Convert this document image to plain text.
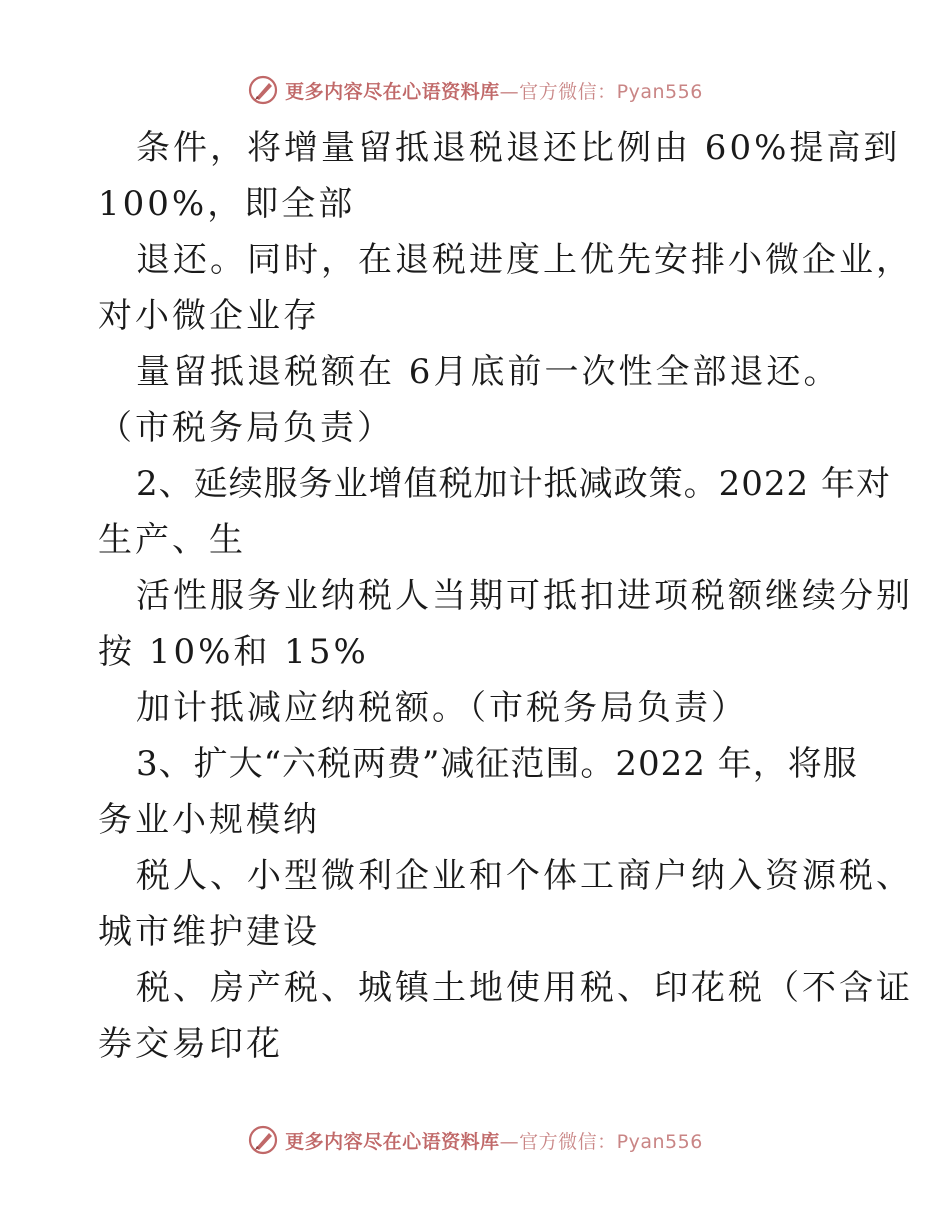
更多内容尽在心语资料库—官方微信：Pyan556
条件，将增量留抵退税退还比例由 60%提高到
100%，即全部
退还。同时，在退税进度上优先安排小微企业，
对小微企业存
量留抵退税额在 6月底前一次性全部退还。
（市税务局负责）
2、延续服务业增值税加计抵减政策。2022 年对
生产、生
活性服务业纳税人当期可抵扣进项税额继续分别
按 10%和 15%
加计抵减应纳税额。（市税务局负责）
3、扩大“六税两费”减征范围。2022 年，将服
务业小规模纳
税人、小型微利企业和个体工商户纳入资源税、
城市维护建设
税、房产税、城镇土地使用税、印花税（不含证
券交易印花
更多内容尽在心语资料库—官方微信：Pyan556
